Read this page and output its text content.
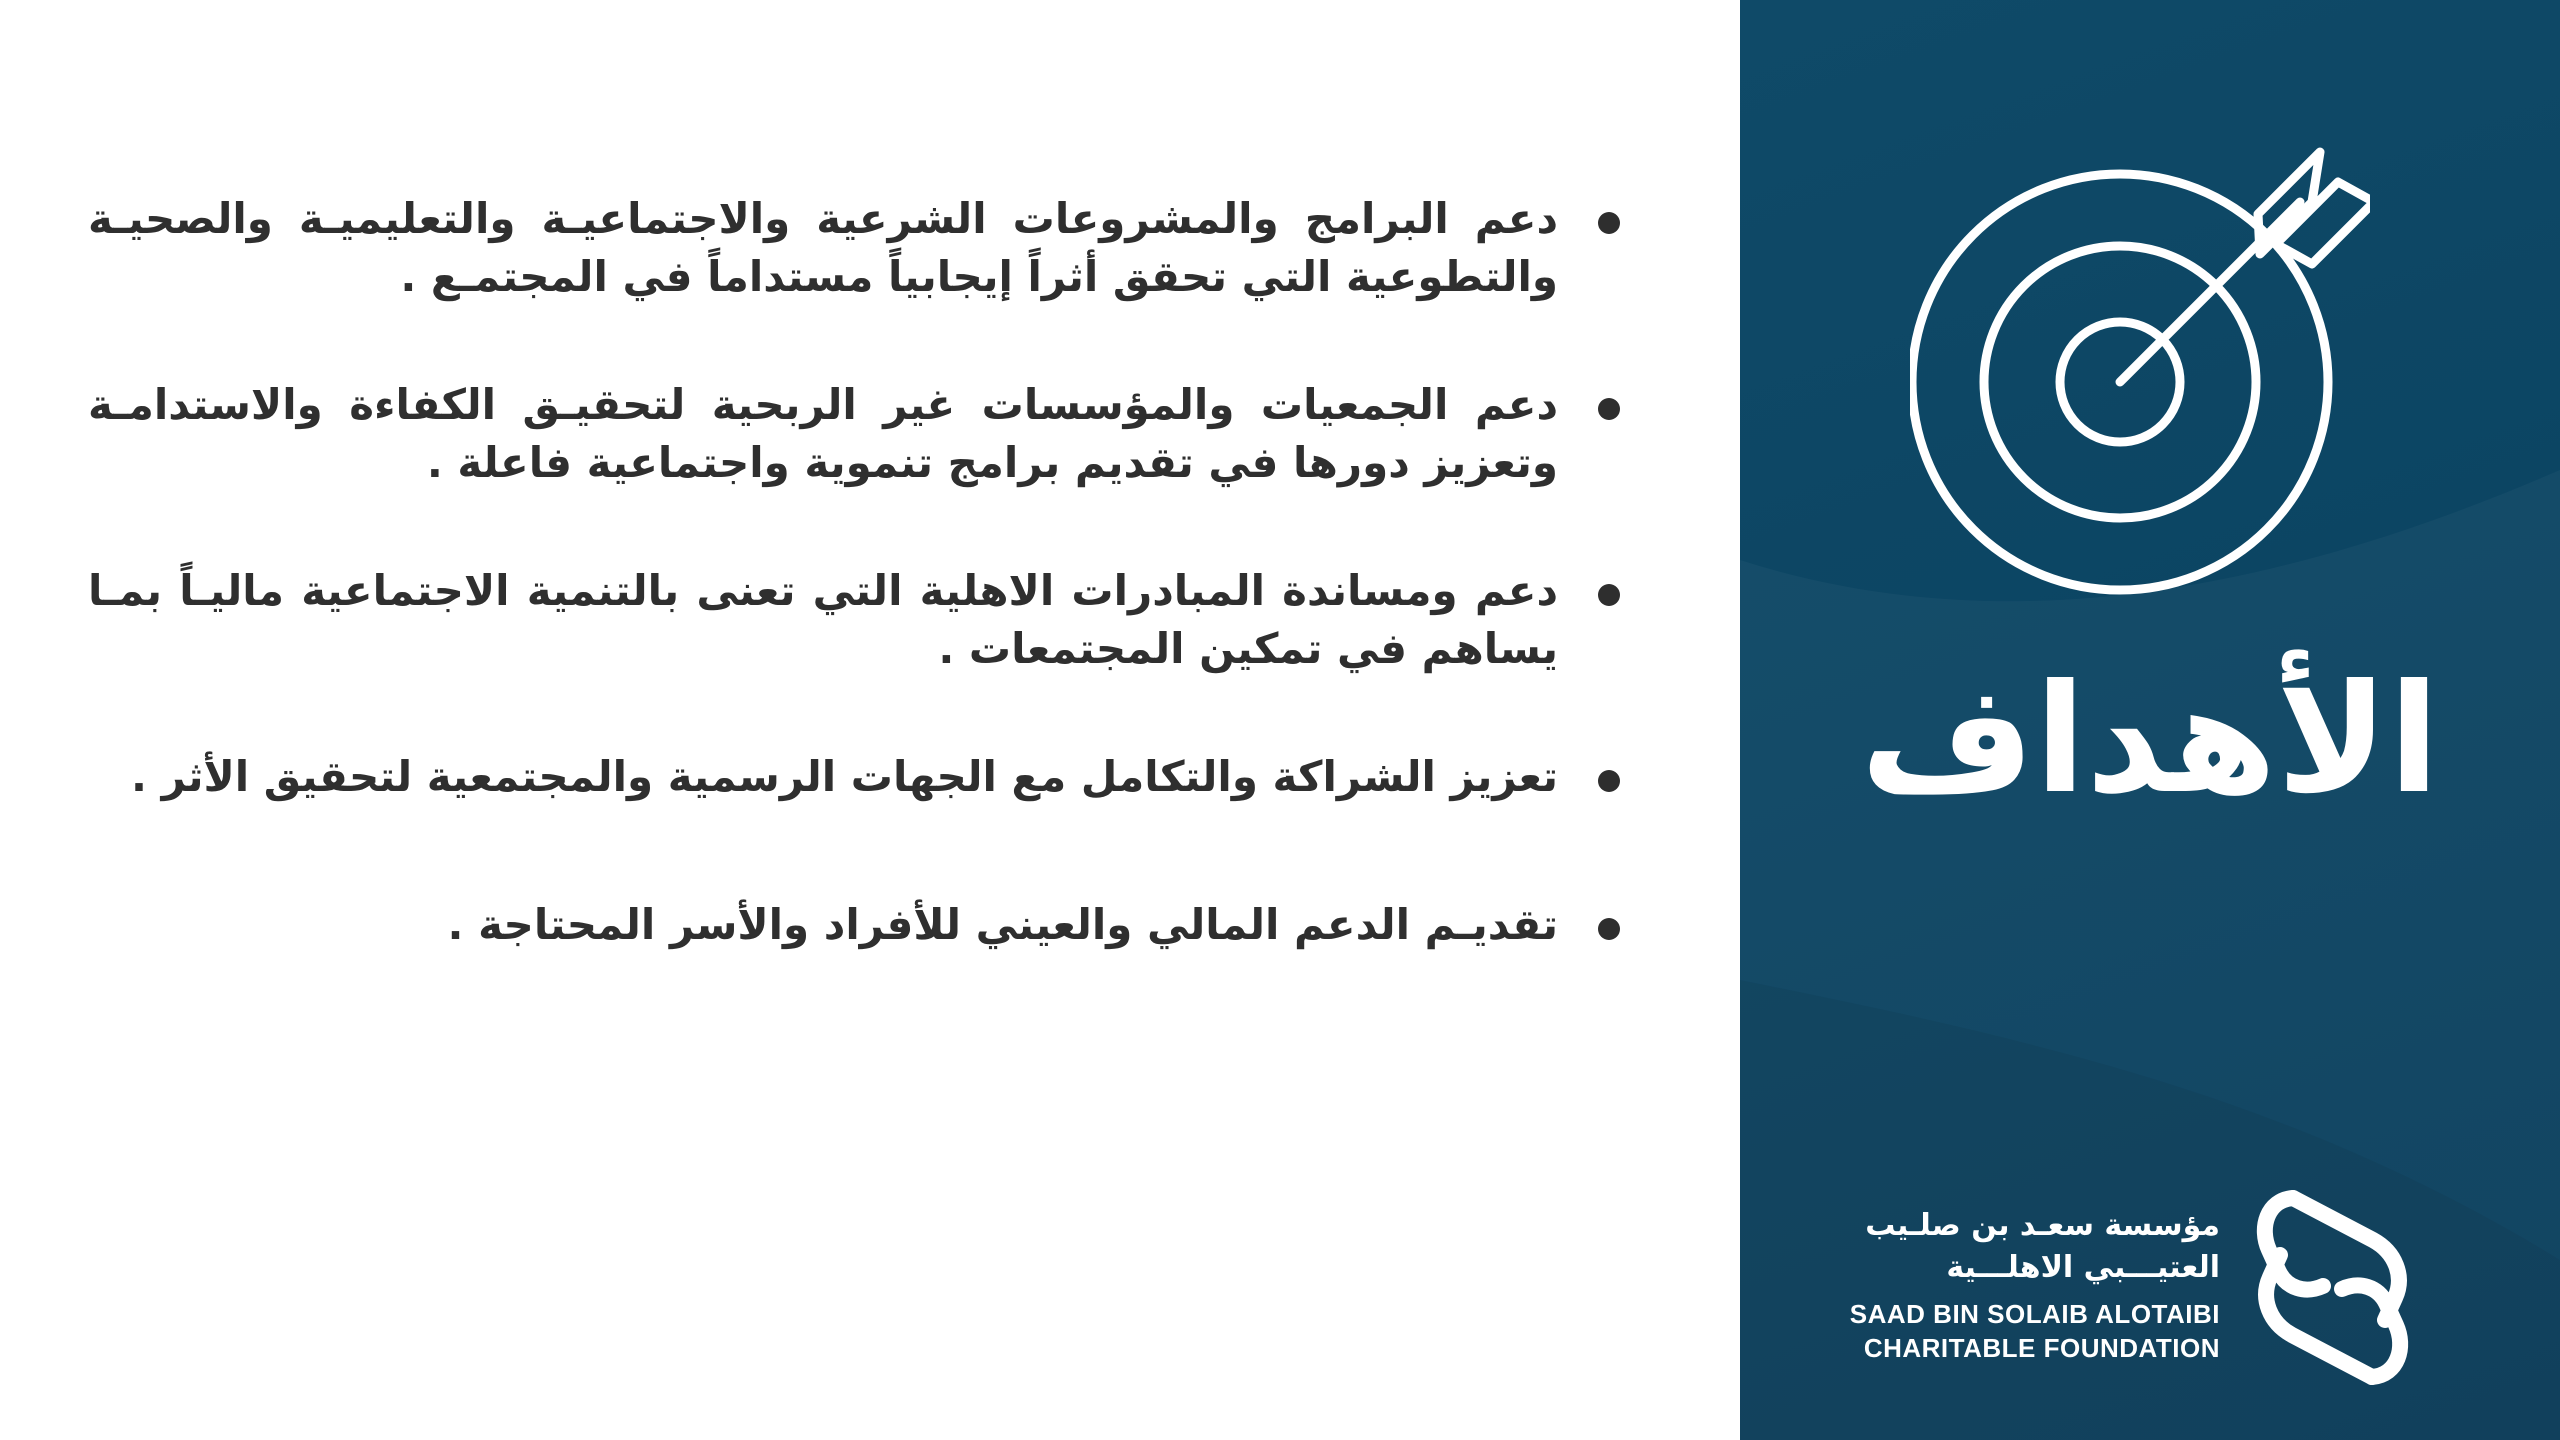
دعم البرامج والمشروعات الشرعية والاجتماعيـة والتعليميـة والصحيـة والتطوعية التي تحقق أثراً إيجابياً مستداماً في المجتمـع .
دعم الجمعيات والمؤسسات غير الربحية لتحقيـق الكفاءة والاستدامـة وتعزيز دورها في تقديم برامج تنموية واجتماعية فاعلة .
دعم ومساندة المبادرات الاهلية التي تعنى بالتنمية الاجتماعية ماليـاً بمـا يساهم في تمكين المجتمعات .
تعزيز الشراكة والتكامل مع الجهات الرسمية والمجتمعية لتحقيق الأثر .
تقديـم الدعم المالي والعيني للأفراد والأسر المحتاجة .
الأهداف
مؤسسة سعـد بن صلـيب
العتيـــبي الاهلـــية
SAAD BIN SOLAIB ALOTAIBI
CHARITABLE FOUNDATION
